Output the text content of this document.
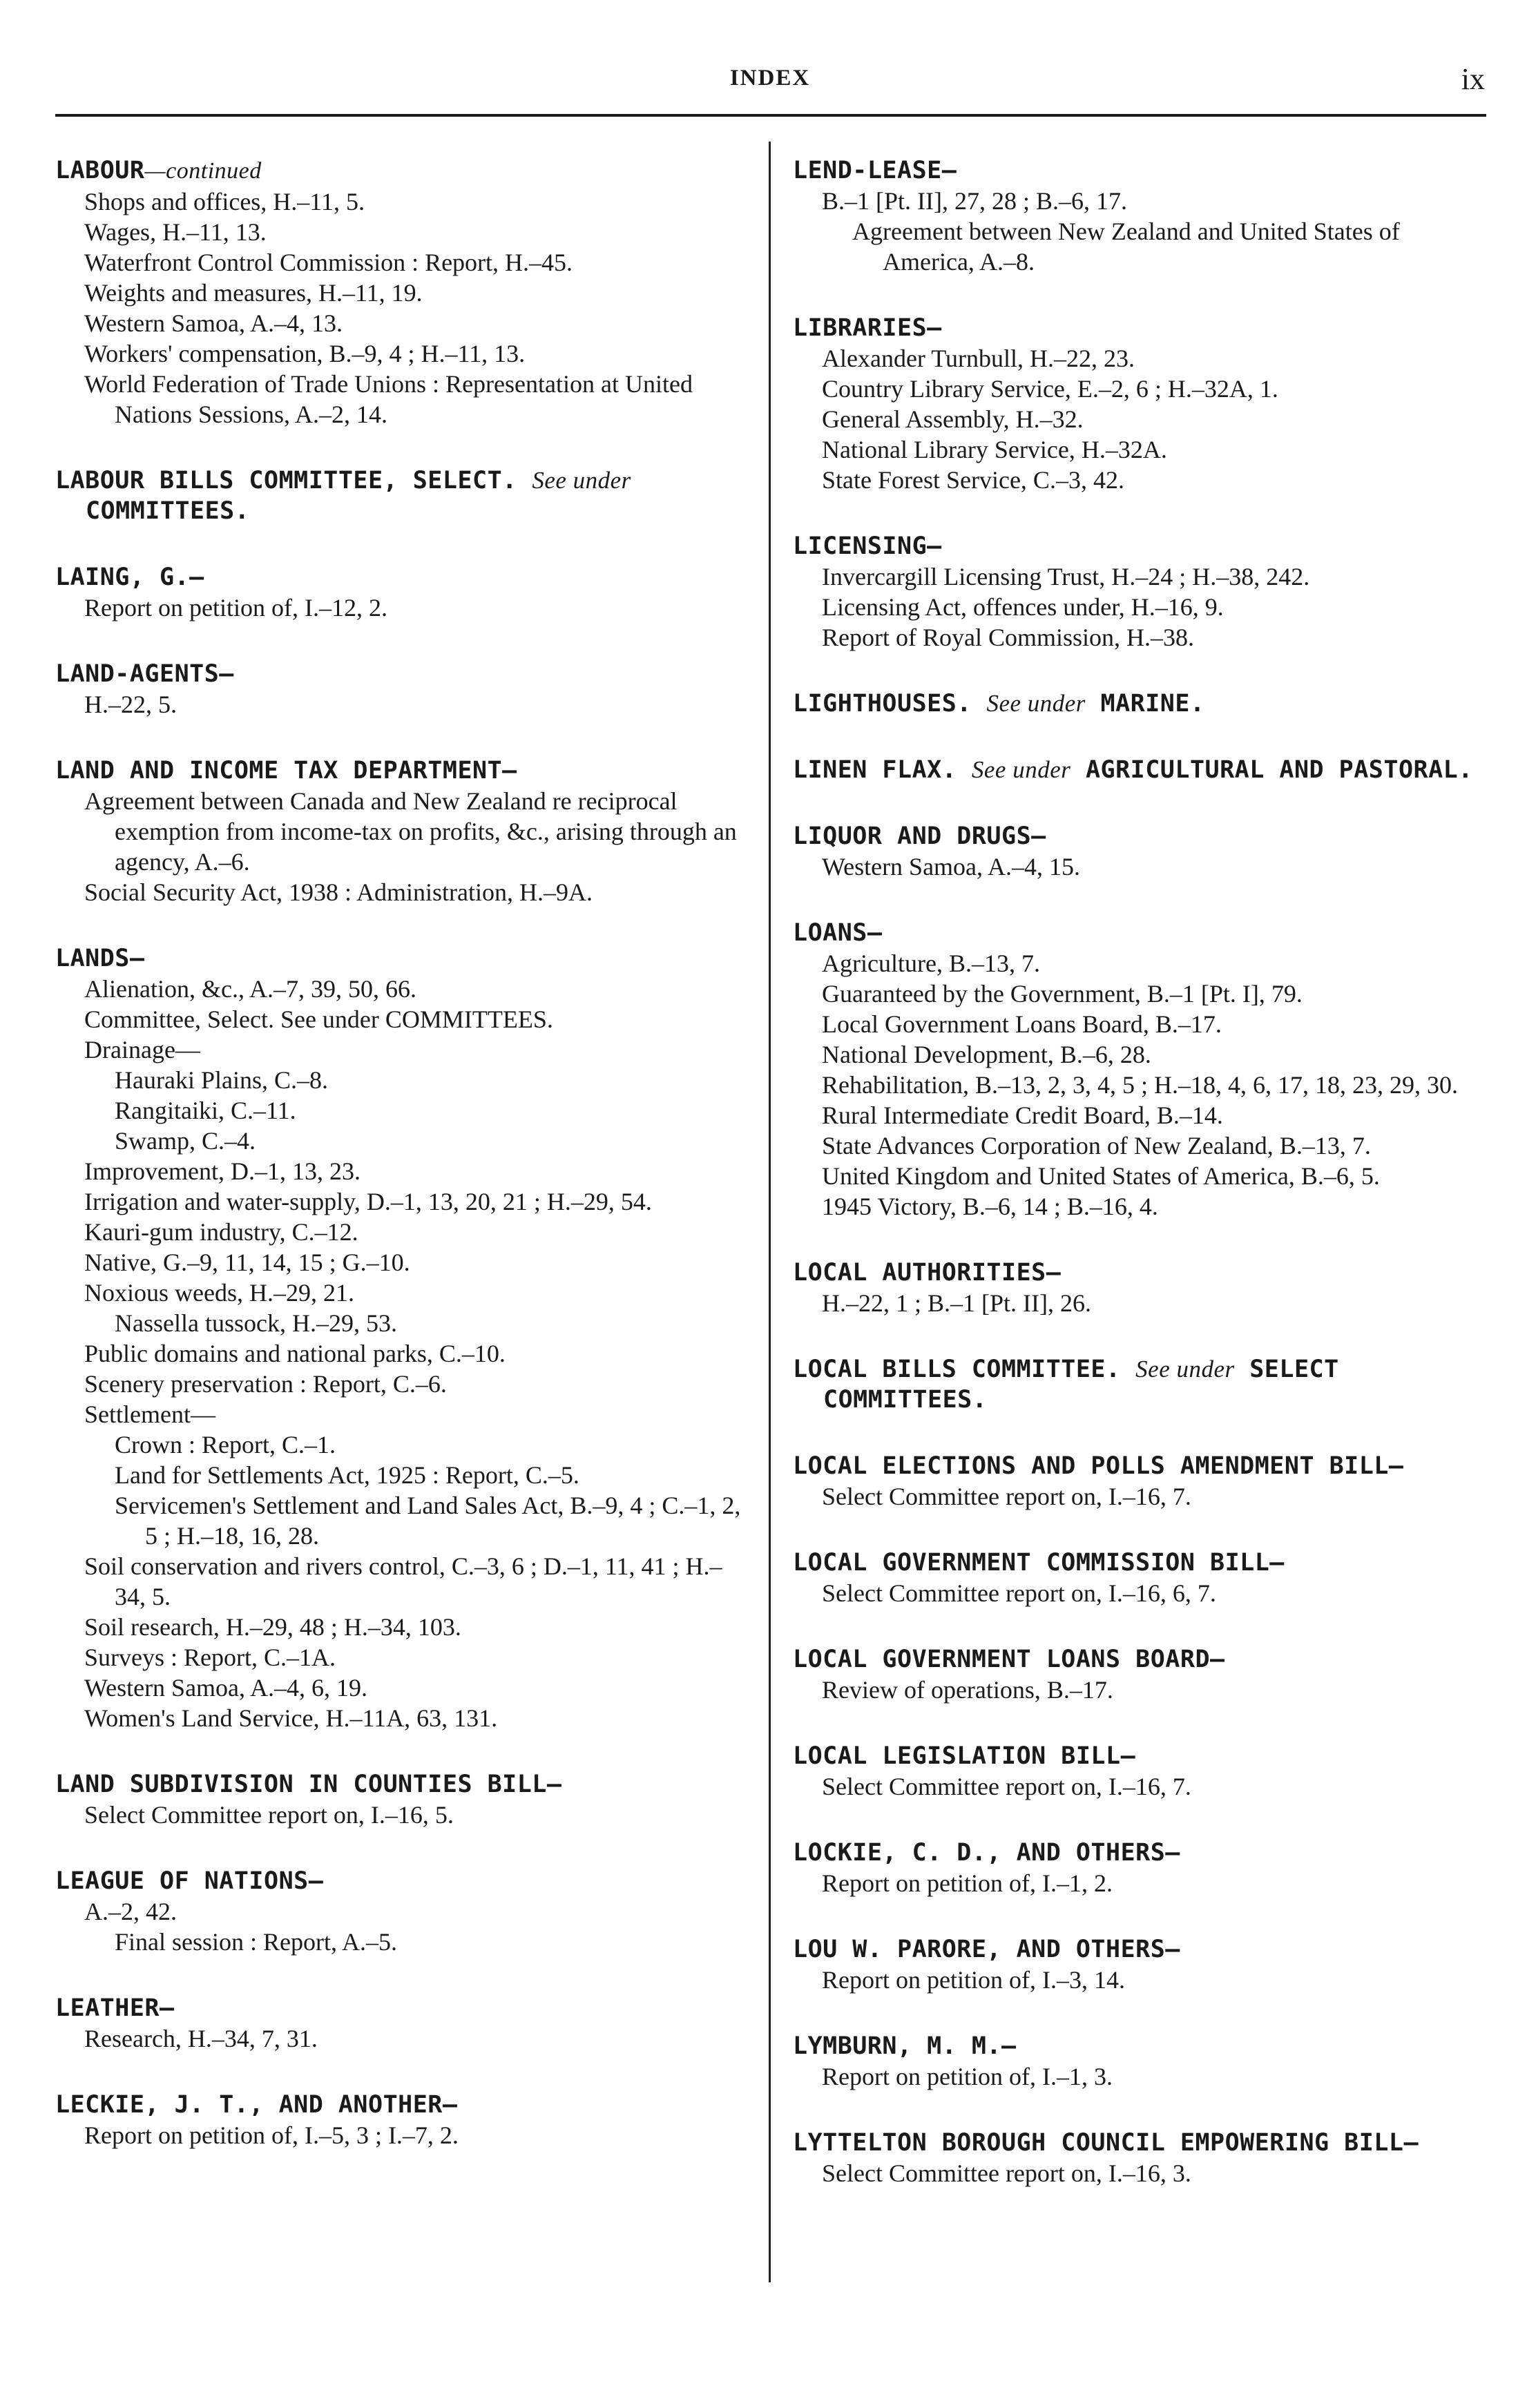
INDEX	ix
LABOUR—continued
Shops and offices, H.–11, 5.
Wages, H.–11, 13.
Waterfront Control Commission : Report, H.–45.
Weights and measures, H.–11, 19.
Western Samoa, A.–4, 13.
Workers' compensation, B.–9, 4 ; H.–11, 13.
World Federation of Trade Unions : Representation at United Nations Sessions, A.–2, 14.
LABOUR BILLS COMMITTEE, SELECT. See under COMMITTEES.
LAING, G.—
Report on petition of, I.–12, 2.
LAND-AGENTS—
H.–22, 5.
LAND AND INCOME TAX DEPARTMENT—
Agreement between Canada and New Zealand re reciprocal exemption from income-tax on profits, &c., arising through an agency, A.–6.
Social Security Act, 1938 : Administration, H.–9A.
LANDS—
Alienation, &c., A.–7, 39, 50, 66.
Committee, Select. See under COMMITTEES.
Drainage—
Hauraki Plains, C.–8.
Rangitaiki, C.–11.
Swamp, C.–4.
Improvement, D.–1, 13, 23.
Irrigation and water-supply, D.–1, 13, 20, 21 ; H.–29, 54.
Kauri-gum industry, C.–12.
Native, G.–9, 11, 14, 15 ; G.–10.
Noxious weeds, H.–29, 21.
Nassella tussock, H.–29, 53.
Public domains and national parks, C.–10.
Scenery preservation : Report, C.–6.
Settlement—
Crown : Report, C.–1.
Land for Settlements Act, 1925 : Report, C.–5.
Servicemen's Settlement and Land Sales Act, B.–9, 4 ; C.–1, 2, 5 ; H.–18, 16, 28.
Soil conservation and rivers control, C.–3, 6 ; D.–1, 11, 41 ; H.–34, 5.
Soil research, H.–29, 48 ; H.–34, 103.
Surveys : Report, C.–1A.
Western Samoa, A.–4, 6, 19.
Women's Land Service, H.–11A, 63, 131.
LAND SUBDIVISION IN COUNTIES BILL—
Select Committee report on, I.–16, 5.
LEAGUE OF NATIONS—
A.–2, 42.
Final session : Report, A.–5.
LEATHER—
Research, H.–34, 7, 31.
LECKIE, J. T., AND ANOTHER—
Report on petition of, I.–5, 3 ; I.–7, 2.
LEND-LEASE—
B.–1 [Pt. II], 27, 28 ; B.–6, 17.
Agreement between New Zealand and United States of America, A.–8.
LIBRARIES—
Alexander Turnbull, H.–22, 23.
Country Library Service, E.–2, 6 ; H.–32A, 1.
General Assembly, H.–32.
National Library Service, H.–32A.
State Forest Service, C.–3, 42.
LICENSING—
Invercargill Licensing Trust, H.–24 ; H.–38, 242.
Licensing Act, offences under, H.–16, 9.
Report of Royal Commission, H.–38.
LIGHTHOUSES. See under MARINE.
LINEN FLAX. See under AGRICULTURAL AND PASTORAL.
LIQUOR AND DRUGS—
Western Samoa, A.–4, 15.
LOANS—
Agriculture, B.–13, 7.
Guaranteed by the Government, B.–1 [Pt. I], 79.
Local Government Loans Board, B.–17.
National Development, B.–6, 28.
Rehabilitation, B.–13, 2, 3, 4, 5 ; H.–18, 4, 6, 17, 18, 23, 29, 30.
Rural Intermediate Credit Board, B.–14.
State Advances Corporation of New Zealand, B.–13, 7.
United Kingdom and United States of America, B.–6, 5.
1945 Victory, B.–6, 14 ; B.–16, 4.
LOCAL AUTHORITIES—
H.–22, 1 ; B.–1 [Pt. II], 26.
LOCAL BILLS COMMITTEE. See under SELECT COMMITTEES.
LOCAL ELECTIONS AND POLLS AMENDMENT BILL—
Select Committee report on, I.–16, 7.
LOCAL GOVERNMENT COMMISSION BILL—
Select Committee report on, I.–16, 6, 7.
LOCAL GOVERNMENT LOANS BOARD—
Review of operations, B.–17.
LOCAL LEGISLATION BILL—
Select Committee report on, I.–16, 7.
LOCKIE, C. D., AND OTHERS—
Report on petition of, I.–1, 2.
LOU W. PARORE, AND OTHERS—
Report on petition of, I.–3, 14.
LYMBURN, M. M.—
Report on petition of, I.–1, 3.
LYTTELTON BOROUGH COUNCIL EMPOWERING BILL—
Select Committee report on, I.–16, 3.
